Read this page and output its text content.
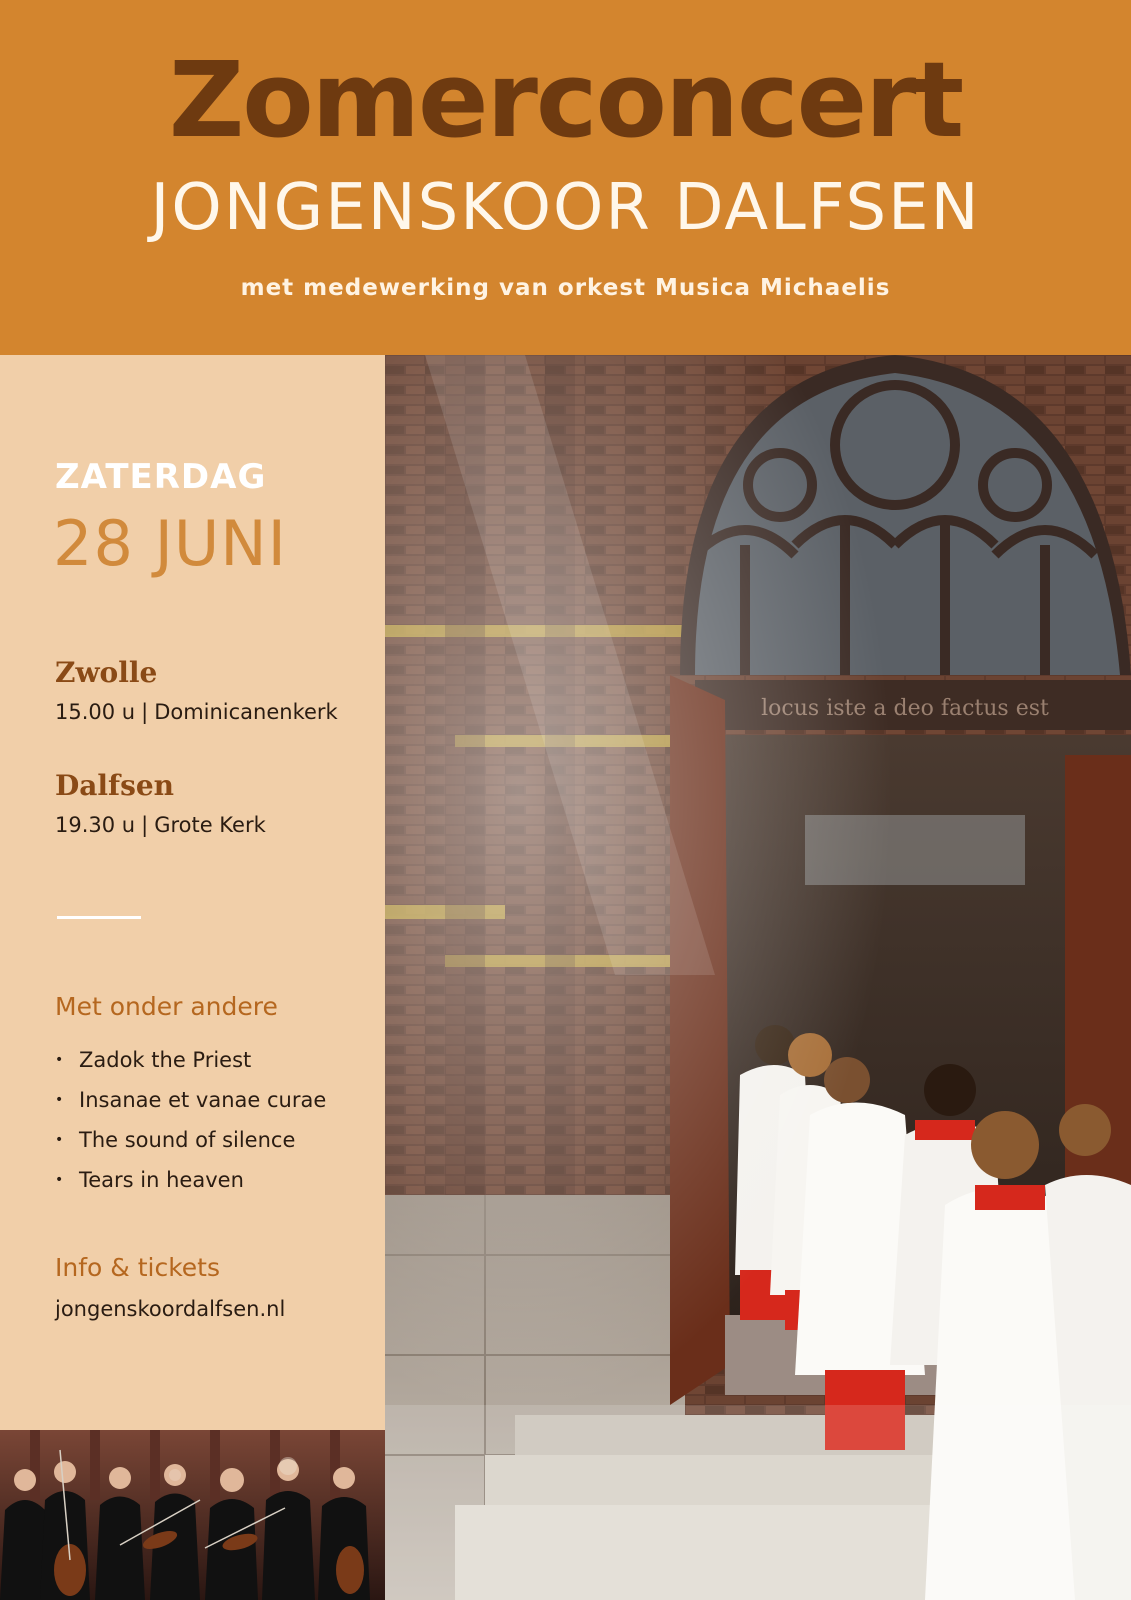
Zomerconcert
JONGENSKOOR DALFSEN
met medewerking van orkest Musica Michaelis
ZATERDAG
28 JUNI
Zwolle
15.00 u | Dominicanenkerk
Dalfsen
19.30 u | Grote Kerk
Met onder andere
• Zadok the Priest
• Insanae et vanae curae
• The sound of silence
• Tears in heaven
Info & tickets
jongenskoordalfsen.nl
